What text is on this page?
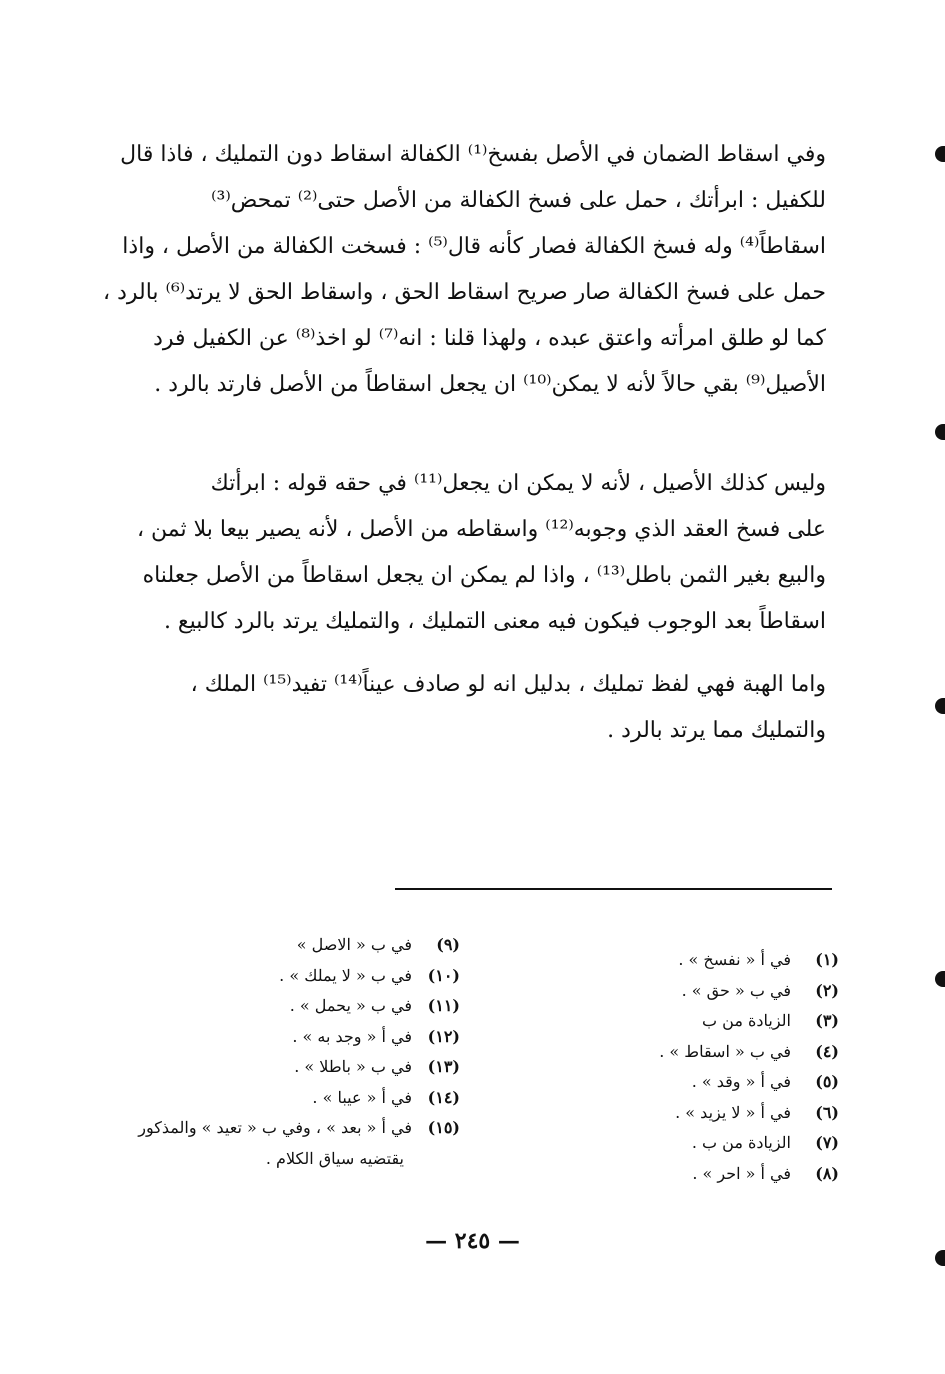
وفي اسقاط الضمان في الأصل بفسخ⁽¹⁾ الكفالة اسقاط دون التمليك ، فاذا قال
للكفيل : ابرأتك ، حمل على فسخ الكفالة من الأصل حتى⁽²⁾ تمحض⁽³⁾
اسقاطاً⁽⁴⁾ وله فسخ الكفالة فصار كأنه قال⁽⁵⁾ : فسخت الكفالة من الأصل ، واذا
حمل على فسخ الكفالة صار صريح اسقاط الحق ، واسقاط الحق لا يرتد⁽⁶⁾ بالرد ،
كما لو طلق امرأته واعتق عبده ، ولهذا قلنا : انه⁽⁷⁾ لو اخذ⁽⁸⁾ عن الكفيل فرد
الأصيل⁽⁹⁾ بقي حالاً لأنه لا يمكن⁽¹⁰⁾ ان يجعل اسقاطاً من الأصل فارتد بالرد .
وليس كذلك الأصيل ، لأنه لا يمكن ان يجعل⁽¹¹⁾ في حقه قوله : ابرأتك
على فسخ العقد الذي وجوبه⁽¹²⁾ واسقاطه من الأصل ، لأنه يصير بيعا بلا ثمن ،
والبيع بغير الثمن باطل⁽¹³⁾ ، واذا لم يمكن ان يجعل اسقاطاً من الأصل جعلناه
اسقاطاً بعد الوجوب فيكون فيه معنى التمليك ، والتمليك يرتد بالرد كالبيع .
واما الهبة فهي لفظ تمليك ، بدليل انه لو صادف عيناً⁽¹⁴⁾ تفيد⁽¹⁵⁾ الملك ،
والتمليك مما يرتد بالرد .
(١)في أ « نفسخ » .
(٢)في ب « حق » .
(٣)الزيادة من ب
(٤)في ب « اسقاط » .
(٥)في أ « وقد » .
(٦)في أ « لا يزيد » .
(٧)الزيادة من ب .
(٨)في أ « احر » .
(٩)في ب « الاصل »
(١٠)في ب « لا يملك » .
(١١)في ب « يحمل » .
(١٢)في أ « وجد به » .
(١٣)في ب « باطلا » .
(١٤)في أ « عيبا » .
(١٥)في أ « بعد » ، وفي ب « تعيد » والمذكور
يقتضيه سياق الكلام .
— ٢٤٥ —
